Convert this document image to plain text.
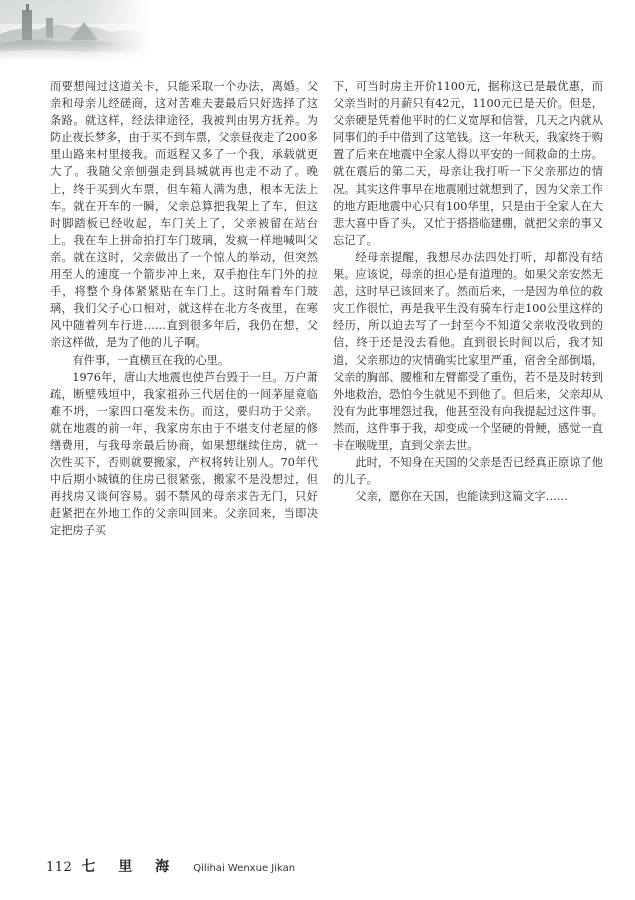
而要想闯过这道关卡，只能采取一个办法，离婚。父亲和母亲儿经磋商，这对苦难夫妻最后只好选择了这条路。就这样，经法律途径，我被判由男方抚养。为防止夜长梦多，由于买不到车票，父亲昼夜走了200多里山路来村里接我。而返程又多了一个我，承载就更大了。我随父亲刨强走到县城就再也走不动了。晚上，终于买到火车票，但车箱人满为患，根本无法上车。就在开车的一瞬，父亲总算把我架上了车，但这时脚踏板已经收起，车门关上了，父亲被留在站台上。我在车上拼命拍打车门玻璃，发疯一样地喊叫父亲。就在这时，父亲做出了一个惊人的举动，但突然用至人的速度一个箭步冲上来，双手抱住车门外的拉手，将整个身体紧紧贴在车门上。这时隔着车门玻璃，我们父子心口相对，就这样在北方冬夜里，在寒风中随着列车行进……直到很多年后，我仍在想，父亲这样做，是为了他的儿子啊。

有件事，一直横亘在我的心里。

1976年，唐山大地震也使芦台毁于一旦。万户萧疏，断壁残垣中，我家祖孙三代居住的一间茅屋竟临难不坍，一家四口毫发未伤。而这，要归功于父亲。就在地震的前一年，我家房东由于不堪支付老屋的修缮费用，与我母亲最后协商，如果想继续住房，就一次性买下，否则就要搬家，产权将转让别人。70年代中后期小城镇的住房已很紧张，搬家不是没想过，但再找房又谈何容易。弱不禁风的母亲求告无门，只好赶紧把在外地工作的父亲叫回来。父亲回来，当即决定把房子买

下，可当时房主开价1100元，据称这已是最优惠，而父亲当时的月薪只有42元，1100元已是天价。但是，父亲硬是凭着他平时的仁义宽厚和信誉，几天之内就从同事们的手中借到了这笔钱。这一年秋天，我家终于购置了后来在地震中全家人得以平安的一间救命的土房。就在震后的第二天，母亲让我打听一下父亲那边的情况。其实这件事早在地震刚过就想到了，因为父亲工作的地方距地震中心只有100华里，只是由于全家人在大悲大喜中昏了头，又忙于搭搭临建棚，就把父亲的事又忘记了。

经母亲提醒，我想尽办法四处打听，却都没有结果。应该说，母亲的担心是有道理的。如果父亲安然无恙，这时早已该回来了。然而后来，一是因为单位的救灾工作很忙，再是我平生没有骑车行走100公里这样的经历，所以迫去写了一封至今不知道父亲收没收到的信，终于还是没去看他。直到很长时间以后，我才知道，父亲那边的灾情确实比家里严重，宿舍全部倒塌，父亲的胸部、腰椎和左臂都受了重伤，若不是及时转到外地救治，恐怕今生就见不到他了。但后来，父亲却从没有为此事埋怨过我，他甚至没有向我提起过这件事。然而，这件事于我，却变成一个坚硬的骨鲠，感觉一直卡在喉咙里，直到父亲去世。

此时，不知身在天国的父亲是否已经真正原谅了他的儿子。

父亲，愿你在天国，也能读到这篇文字……

112 七 里 海 Qilihai Wenxue Jikan
